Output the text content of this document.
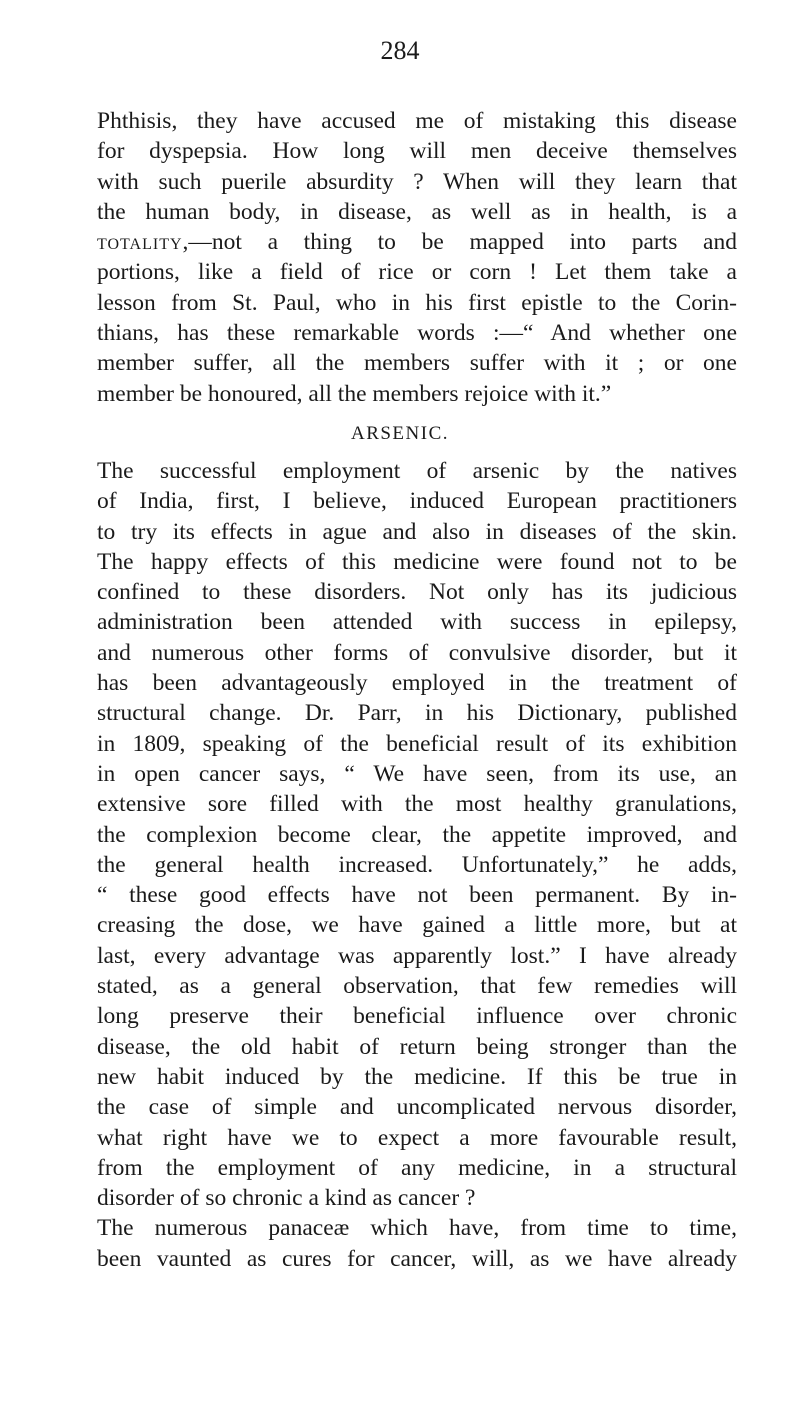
284
Phthisis, they have accused me of mistaking this disease
for dyspepsia. How long will men deceive themselves
with such puerile absurdity ? When will they learn that
the human body, in disease, as well as in health, is a
totality,—not a thing to be mapped into parts and
portions, like a field of rice or corn ! Let them take a
lesson from St. Paul, who in his first epistle to the Corin-
thians, has these remarkable words :—“ And whether one
member suffer, all the members suffer with it ; or one
member be honoured, all the members rejoice with it.”
ARSENIC.
The successful employment of arsenic by the natives
of India, first, I believe, induced European practitioners
to try its effects in ague and also in diseases of the skin.
The happy effects of this medicine were found not to be
confined to these disorders. Not only has its judicious
administration been attended with success in epilepsy,
and numerous other forms of convulsive disorder, but it
has been advantageously employed in the treatment of
structural change. Dr. Parr, in his Dictionary, published
in 1809, speaking of the beneficial result of its exhibition
in open cancer says, “ We have seen, from its use, an
extensive sore filled with the most healthy granulations,
the complexion become clear, the appetite improved, and
the general health increased. Unfortunately,” he adds,
“ these good effects have not been permanent. By in-
creasing the dose, we have gained a little more, but at
last, every advantage was apparently lost.” I have already
stated, as a general observation, that few remedies will
long preserve their beneficial influence over chronic
disease, the old habit of return being stronger than the
new habit induced by the medicine. If this be true in
the case of simple and uncomplicated nervous disorder,
what right have we to expect a more favourable result,
from the employment of any medicine, in a structural
disorder of so chronic a kind as cancer ?
The numerous panaceæ which have, from time to time,
been vaunted as cures for cancer, will, as we have already
